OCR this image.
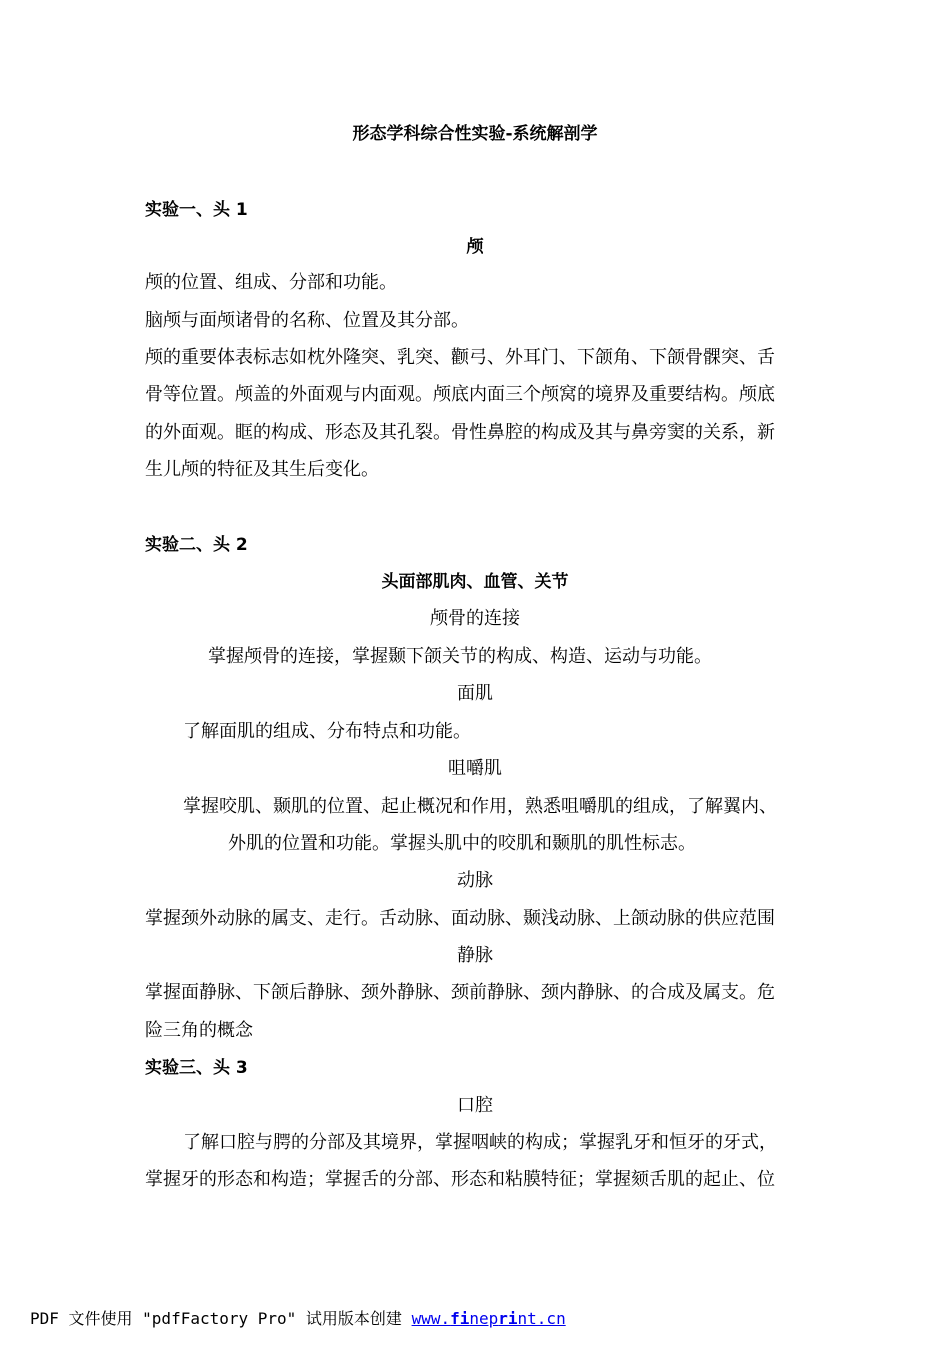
形态学科综合性实验-系统解剖学
实验一、头 1
颅
颅的位置、组成、分部和功能。
脑颅与面颅诸骨的名称、位置及其分部。
颅的重要体表标志如枕外隆突、乳突、颧弓、外耳门、下颌角、下颌骨髁突、舌
骨等位置。颅盖的外面观与内面观。颅底内面三个颅窝的境界及重要结构。颅底
的外面观。眶的构成、形态及其孔裂。骨性鼻腔的构成及其与鼻旁窦的关系，新
生儿颅的特征及其生后变化。
实验二、头 2
头面部肌肉、血管、关节
颅骨的连接
掌握颅骨的连接，掌握颞下颌关节的构成、构造、运动与功能。
面肌
了解面肌的组成、分布特点和功能。
咀嚼肌
掌握咬肌、颞肌的位置、起止概况和作用，熟悉咀嚼肌的组成，了解翼内、
外肌的位置和功能。掌握头肌中的咬肌和颞肌的肌性标志。
动脉
掌握颈外动脉的属支、走行。舌动脉、面动脉、颞浅动脉、上颌动脉的供应范围
静脉
掌握面静脉、下颌后静脉、颈外静脉、颈前静脉、颈内静脉、的合成及属支。危
险三角的概念
实验三、头 3
口腔
了解口腔与腭的分部及其境界，掌握咽峡的构成；掌握乳牙和恒牙的牙式，
掌握牙的形态和构造；掌握舌的分部、形态和粘膜特征；掌握颏舌肌的起止、位
PDF 文件使用 "pdfFactory Pro" 试用版本创建 www.fineprint.cn
